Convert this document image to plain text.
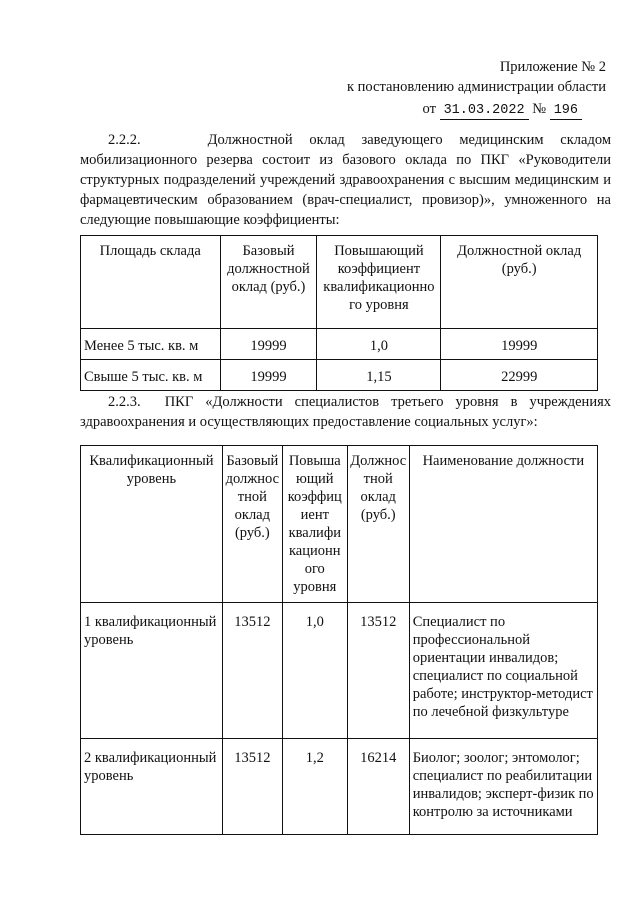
Приложение № 2
к постановлению администрации области
от 31.03.2022 № 196
2.2.2.	Должностной оклад заведующего медицинским складом мобилизационного резерва состоит из базового оклада по ПКГ «Руководители структурных подразделений учреждений здравоохранения с высшим медицинским и фармацевтическим образованием (врач-специалист, провизор)», умноженного на следующие повышающие коэффициенты:
Площадь склада	Базовый должностной оклад (руб.)	Повышающий коэффициент квалификационно го уровня	Должностной оклад (руб.)
Менее 5 тыс. кв. м	19999	1,0	19999
Свыше 5 тыс. кв. м	19999	1,15	22999
2.2.3. ПКГ «Должности специалистов третьего уровня в учреждениях здравоохранения и осуществляющих предоставление социальных услуг»:
Квалификационный уровень	Базовый должнос тной оклад (руб.)	Повыша ющий коэффиц иент квалифи кационн ого уровня	Должнос тной оклад (руб.)	Наименование должности
1 квалификационный уровень	13512	1,0	13512	Специалист по профессиональной ориентации инвалидов; специалист по социальной работе; инструктор-методист по лечебной физкультуре
2 квалификационный уровень	13512	1,2	16214	Биолог; зоолог; энтомолог; специалист по реабилитации инвалидов; эксперт-физик по контролю за источниками
